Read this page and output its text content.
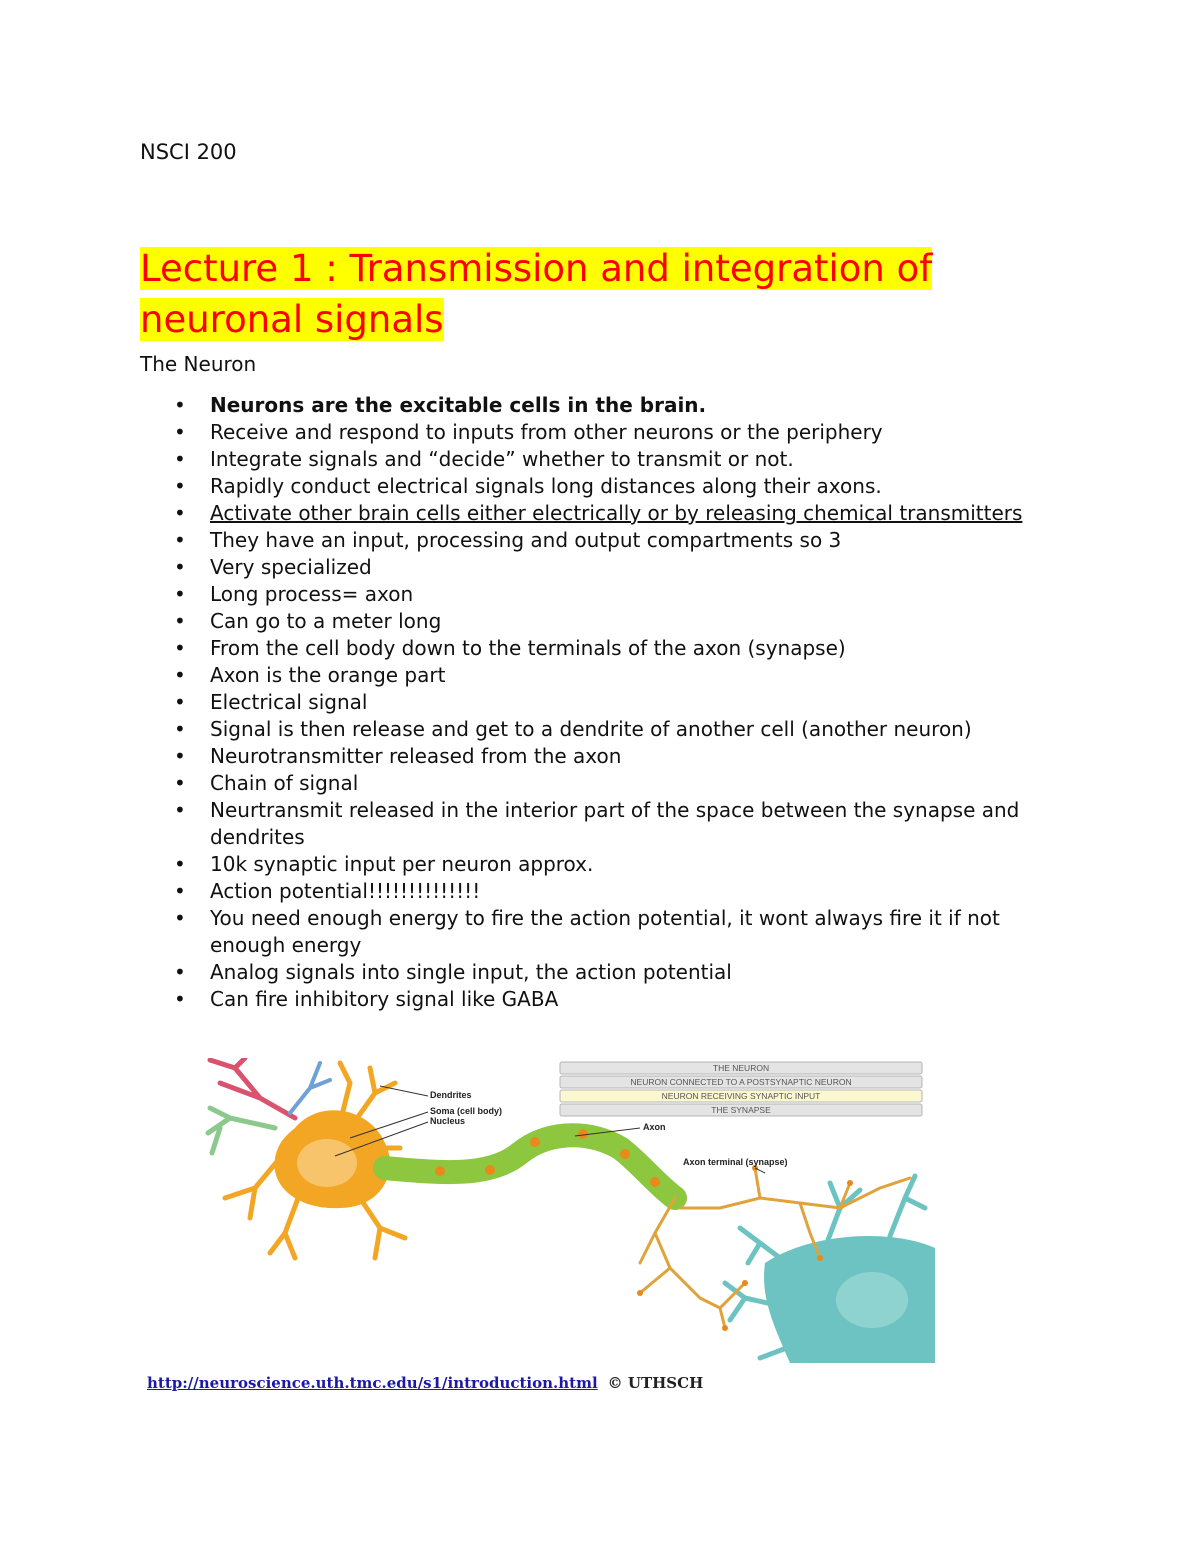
NSCI 200

Lecture 1 : Transmission and integration of neuronal signals

The Neuron

• Neurons are the excitable cells in the brain.
• Receive and respond to inputs from other neurons or the periphery
• Integrate signals and “decide” whether to transmit or not.
• Rapidly conduct electrical signals long distances along their axons.
• Activate other brain cells either electrically or by releasing chemical transmitters
• They have an input, processing and output compartments so 3
• Very specialized
• Long process= axon
• Can go to a meter long
• From the cell body down to the terminals of the axon (synapse)
• Axon is the orange part
• Electrical signal
• Signal is then release and get to a dendrite of another cell (another neuron)
• Neurotransmitter released from the axon
• Chain of signal
• Neurtransmit released in the interior part of the space between the synapse and dendrites
• 10k synaptic input per neuron approx.
• Action potential!!!!!!!!!!!!!!
• You need enough energy to fire the action potential, it wont always fire it if not enough energy
• Analog signals into single input, the action potential
• Can fire inhibitory signal like GABA
Dendrites
Soma (cell body)
Nucleus
Axon
Axon terminal (synapse)
THE NEURON
NEURON CONNECTED TO A POSTSYNAPTIC NEURON
NEURON RECEIVING SYNAPTIC INPUT
THE SYNAPSE
http://neuroscience.uth.tmc.edu/s1/introduction.html © UTHSCH
